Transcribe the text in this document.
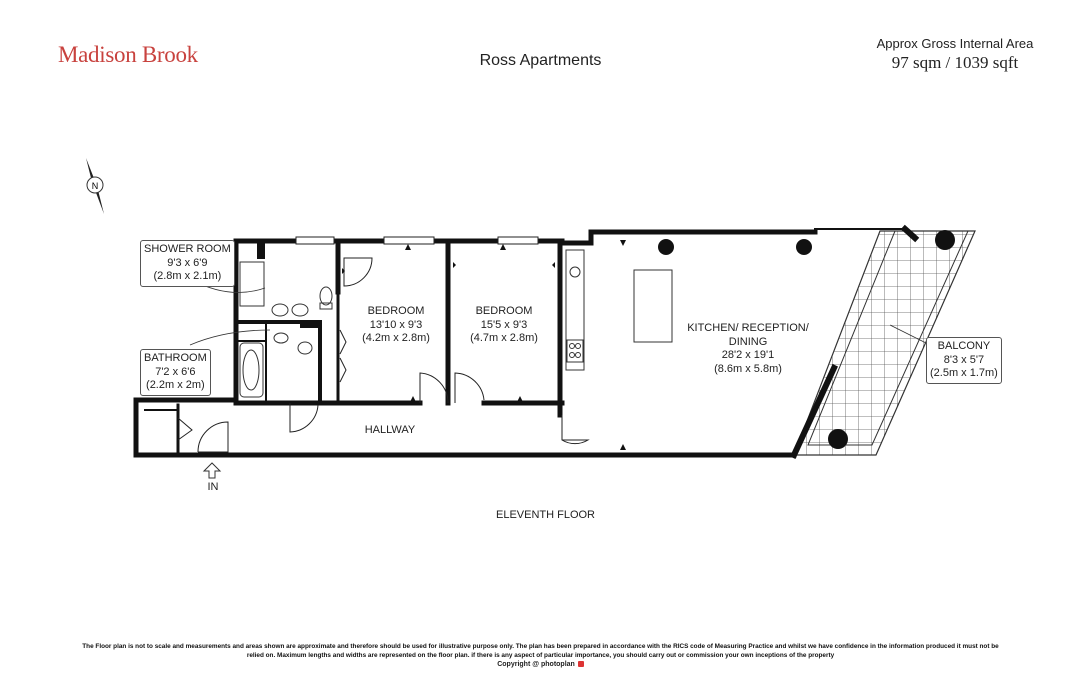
Madison Brook	Ross Apartments
Approx Gross Internal Area
97 sqm / 1039 sqft
N
SHOWER ROOM
9'3 x 6'9
(2.8m x 2.1m)
BATHROOM
7'2 x 6'6
(2.2m x 2m)
BEDROOM
13'10 x 9'3
(4.2m x 2.8m)
BEDROOM
15'5 x 9'3
(4.7m x 2.8m)
KITCHEN/ RECEPTION/
DINING
28'2 x 19'1
(8.6m x 5.8m)
BALCONY
8'3 x 5'7
(2.5m x 1.7m)
HALLWAY
IN
ELEVENTH FLOOR
The Floor plan is not to scale and measurements and areas shown are approximate and therefore should be used for illustrative purpose only. The plan has been prepared in accordance with the RICS code of Measuring Practice and whilst we have confidence in the information produced it must not be relied on. Maximum lengths and widths are represented on the floor plan. if there is any aspect of particular importance, you should carry out or commission your own inceptions of the property
Copyright @ photoplan
